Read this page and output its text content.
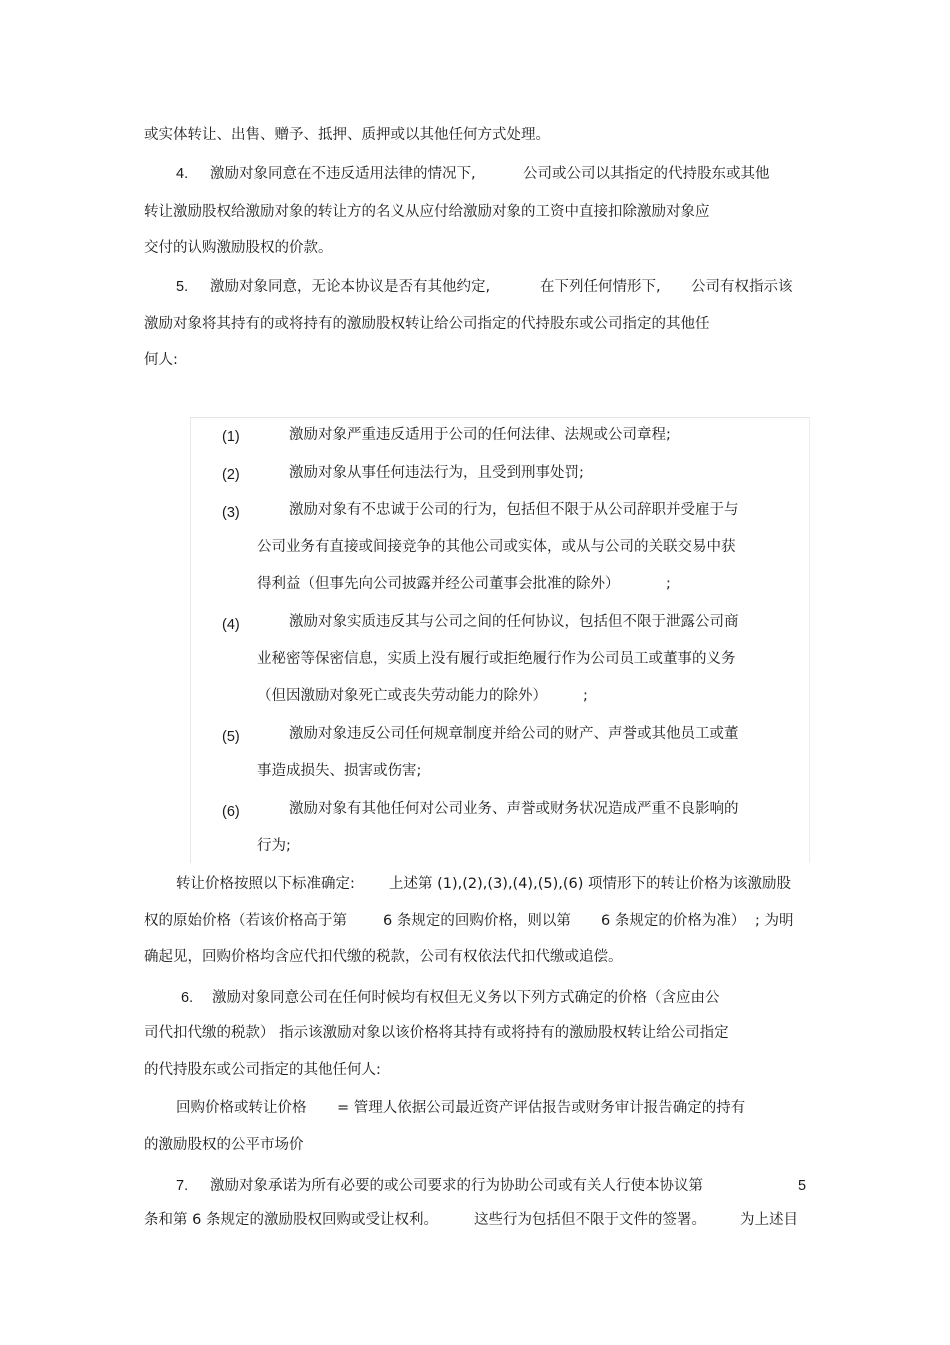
或实体转让、出售、赠予、抵押、质押或以其他任何方式处理。
4. 激励对象同意在不违反适用法律的情况下,	公司或公司以其指定的代持股东或其他
转让激励股权给激励对象的转让方的名义从应付给激励对象的工资中直接扣除激励对象应
交付的认购激励股权的价款。
5. 激励对象同意，无论本协议是否有其他约定,	在下列任何情形下, 公司有权指示该
激励对象将其持有的或将持有的激励股权转让给公司指定的代持股东或公司指定的其他任
何人:
(1)	激励对象严重违反适用于公司的任何法律、法规或公司章程;
(2)	激励对象从事任何违法行为，且受到刑事处罚;
(3)	激励对象有不忠诚于公司的行为，包括但不限于从公司辞职并受雇于与
公司业务有直接或间接竞争的其他公司或实体，或从与公司的关联交易中获
得利益（但事先向公司披露并经公司董事会批准的除外）	;
(4)	激励对象实质违反其与公司之间的任何协议，包括但不限于泄露公司商
业秘密等保密信息，实质上没有履行或拒绝履行作为公司员工或董事的义务
（但因激励对象死亡或丧失劳动能力的除外） ;
(5)	激励对象违反公司任何规章制度并给公司的财产、声誉或其他员工或董
事造成损失、损害或伤害;
(6)	激励对象有其他任何对公司业务、声誉或财务状况造成严重不良影响的
行为;
转让价格按照以下标准确定: 上述第 (1),(2),(3),(4),(5),(6) 项情形下的转让价格为该激励股
权的原始价格（若该价格高于第 6 条规定的回购价格，则以第 6 条规定的价格为准） ; 为明
确起见，回购价格均含应代扣代缴的税款，公司有权依法代扣代缴或追偿。
6. 激励对象同意公司在任何时候均有权但无义务以下列方式确定的价格（含应由公
司代扣代缴的税款） 指示该激励对象以该价格将其持有或将持有的激励股权转让给公司指定
的代持股东或公司指定的其他任何人:
回购价格或转让价格 = 管理人依据公司最近资产评估报告或财务审计报告确定的持有
的激励股权的公平市场价
7. 激励对象承诺为所有必要的或公司要求的行为协助公司或有关人行使本协议第	5
条和第 6 条规定的激励股权回购或受让权利。 这些行为包括但不限于文件的签署。 为上述目
